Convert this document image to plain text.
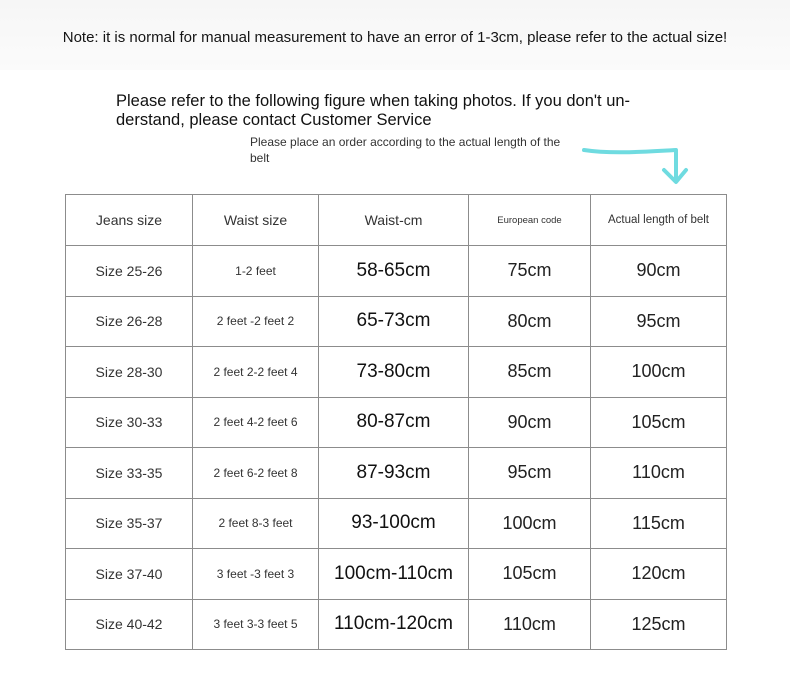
Note: it is normal for manual measurement to have an error of 1-3cm, please refer to the actual size!
Please refer to the following figure when taking photos. If you don't un-derstand, please contact Customer Service
Please place an order according to the actual length of the belt
Jeans size	Waist size	Waist-cm	European code	Actual length of belt
Size 25-26	1-2 feet	58-65cm	75cm	90cm
Size 26-28	2 feet -2 feet 2	65-73cm	80cm	95cm
Size 28-30	2 feet 2-2 feet 4	73-80cm	85cm	100cm
Size 30-33	2 feet 4-2 feet 6	80-87cm	90cm	105cm
Size 33-35	2 feet 6-2 feet 8	87-93cm	95cm	110cm
Size 35-37	2 feet 8-3 feet	93-100cm	100cm	115cm
Size 37-40	3 feet -3 feet 3	100cm-110cm	105cm	120cm
Size 40-42	3 feet 3-3 feet 5	110cm-120cm	110cm	125cm
